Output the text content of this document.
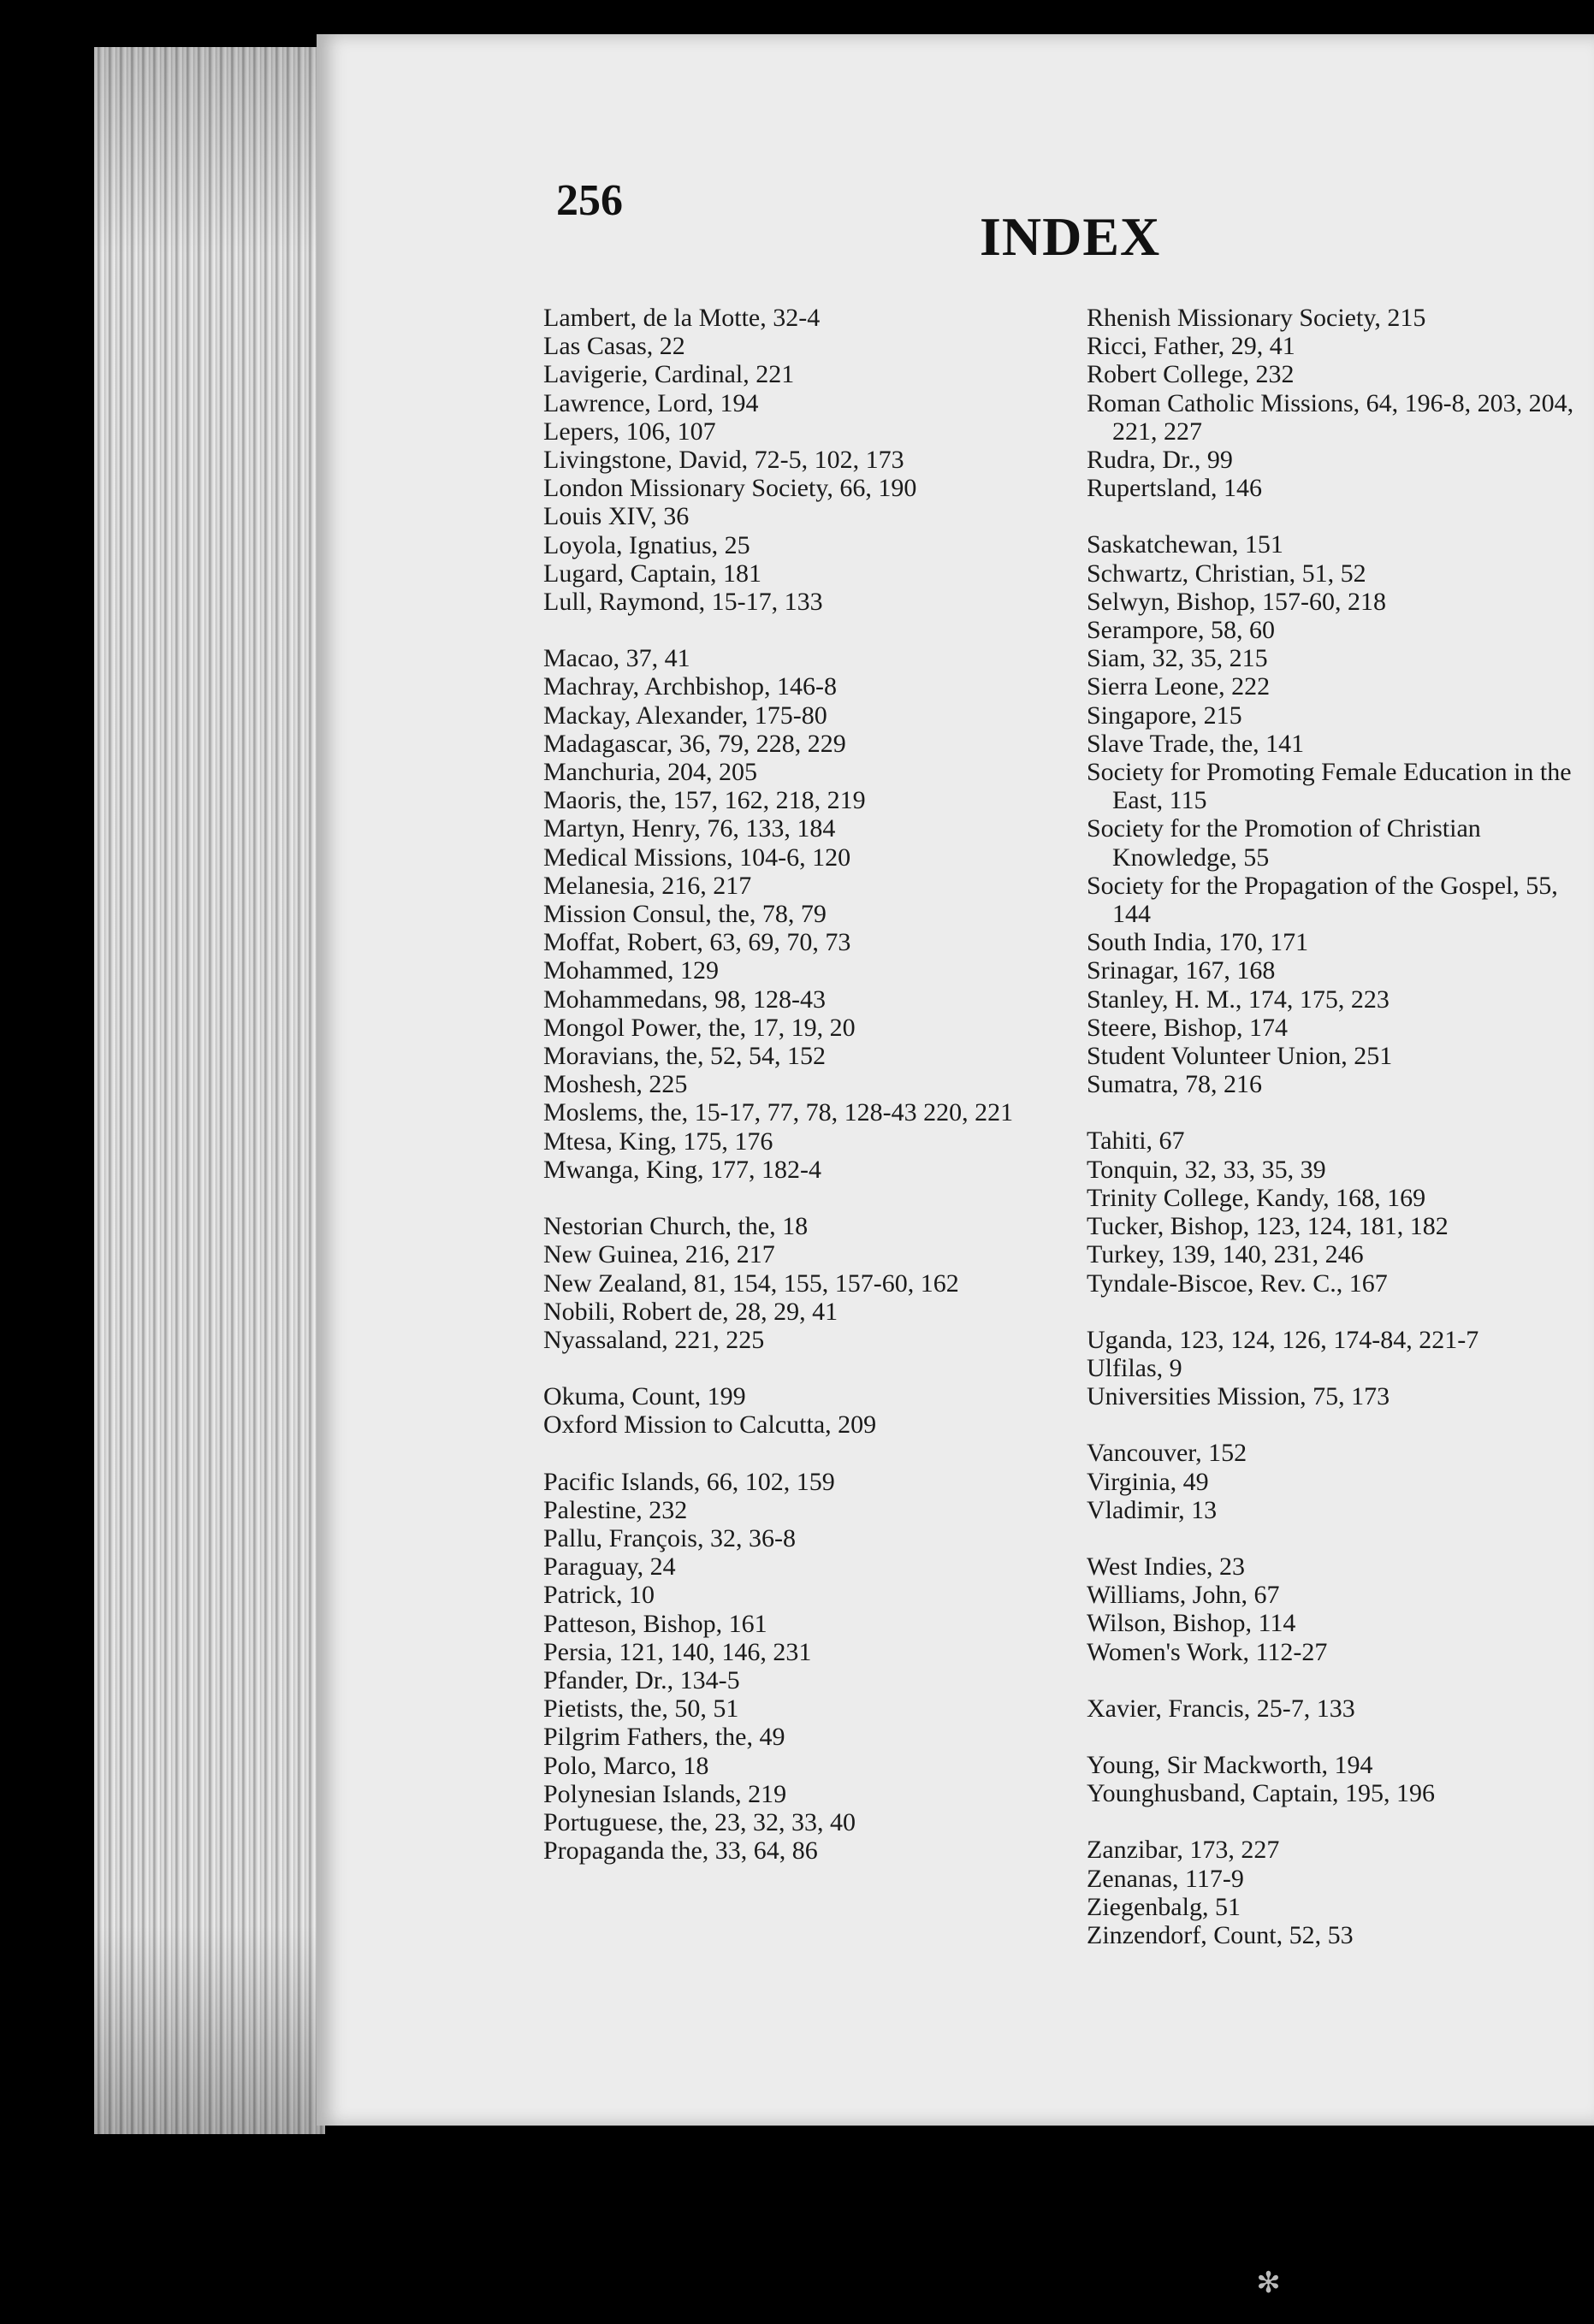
256
INDEX
Lambert, de la Motte, 32-4
Las Casas, 22
Lavigerie, Cardinal, 221
Lawrence, Lord, 194
Lepers, 106, 107
Livingstone, David, 72-5, 102, 173
London Missionary Society, 66, 190
Louis XIV, 36
Loyola, Ignatius, 25
Lugard, Captain, 181
Lull, Raymond, 15-17, 133
Macao, 37, 41
Machray, Archbishop, 146-8
Mackay, Alexander, 175-80
Madagascar, 36, 79, 228, 229
Manchuria, 204, 205
Maoris, the, 157, 162, 218, 219
Martyn, Henry, 76, 133, 184
Medical Missions, 104-6, 120
Melanesia, 216, 217
Mission Consul, the, 78, 79
Moffat, Robert, 63, 69, 70, 73
Mohammed, 129
Mohammedans, 98, 128-43
Mongol Power, the, 17, 19, 20
Moravians, the, 52, 54, 152
Moshesh, 225
Moslems, the, 15-17, 77, 78, 128-43 220, 221
Mtesa, King, 175, 176
Mwanga, King, 177, 182-4
Nestorian Church, the, 18
New Guinea, 216, 217
New Zealand, 81, 154, 155, 157-60, 162
Nobili, Robert de, 28, 29, 41
Nyassaland, 221, 225
Okuma, Count, 199
Oxford Mission to Calcutta, 209
Pacific Islands, 66, 102, 159
Palestine, 232
Pallu, François, 32, 36-8
Paraguay, 24
Patrick, 10
Patteson, Bishop, 161
Persia, 121, 140, 146, 231
Pfander, Dr., 134-5
Pietists, the, 50, 51
Pilgrim Fathers, the, 49
Polo, Marco, 18
Polynesian Islands, 219
Portuguese, the, 23, 32, 33, 40
Propaganda the, 33, 64, 86
Rhenish Missionary Society, 215
Ricci, Father, 29, 41
Robert College, 232
Roman Catholic Missions, 64, 196-8, 203, 204, 221, 227
Rudra, Dr., 99
Rupertsland, 146
Saskatchewan, 151
Schwartz, Christian, 51, 52
Selwyn, Bishop, 157-60, 218
Serampore, 58, 60
Siam, 32, 35, 215
Sierra Leone, 222
Singapore, 215
Slave Trade, the, 141
Society for Promoting Female Education in the East, 115
Society for the Promotion of Christian Knowledge, 55
Society for the Propagation of the Gospel, 55, 144
South India, 170, 171
Srinagar, 167, 168
Stanley, H. M., 174, 175, 223
Steere, Bishop, 174
Student Volunteer Union, 251
Sumatra, 78, 216
Tahiti, 67
Tonquin, 32, 33, 35, 39
Trinity College, Kandy, 168, 169
Tucker, Bishop, 123, 124, 181, 182
Turkey, 139, 140, 231, 246
Tyndale-Biscoe, Rev. C., 167
Uganda, 123, 124, 126, 174-84, 221-7
Ulfilas, 9
Universities Mission, 75, 173
Vancouver, 152
Virginia, 49
Vladimir, 13
West Indies, 23
Williams, John, 67
Wilson, Bishop, 114
Women's Work, 112-27
Xavier, Francis, 25-7, 133
Young, Sir Mackworth, 194
Younghusband, Captain, 195, 196
Zanzibar, 173, 227
Zenanas, 117-9
Ziegenbalg, 51
Zinzendorf, Count, 52, 53
✻
